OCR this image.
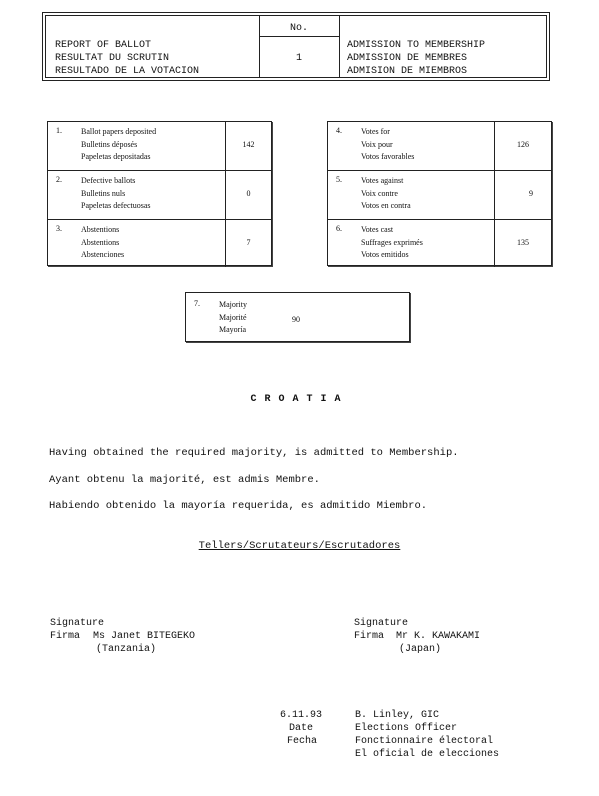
REPORT OF BALLOT
RESULTAT DU SCRUTIN
RESULTADO DE LA VOTACION
No.
1
ADMISSION TO MEMBERSHIP
ADMISSION DE MEMBRES
ADMISION DE MIEMBROS
1. Ballot papers deposited
Bulletins déposés
Papeletas depositadas
142
2. Defective ballots
Bulletins nuls
Papeletas defectuosas
0
3. Abstentions
Abstentions
Abstenciones
7
4. Votes for
Voix pour
Votos favorables
126
5. Votes against
Voix contre
Votos en contra
9
6. Votes cast
Suffrages exprimés
Votos emitidos
135
7. Majority
Majorité
Mayoría
90
CROATIA
Having obtained the required majority, is admitted to Membership.
Ayant obtenu la majorité, est admis Membre.
Habiendo obtenido la mayoría requerida, es admitido Miembro.
Tellers/Scrutateurs/Escrutadores
Signature
Firma Ms Janet BITEGEKO
(Tanzania)
Signature
Firma Mr K. KAWAKAMI
(Japan)
6.11.93
Date
Fecha
B. Linley, GIC
Elections Officer
Fonctionnaire électoral
El oficial de elecciones
